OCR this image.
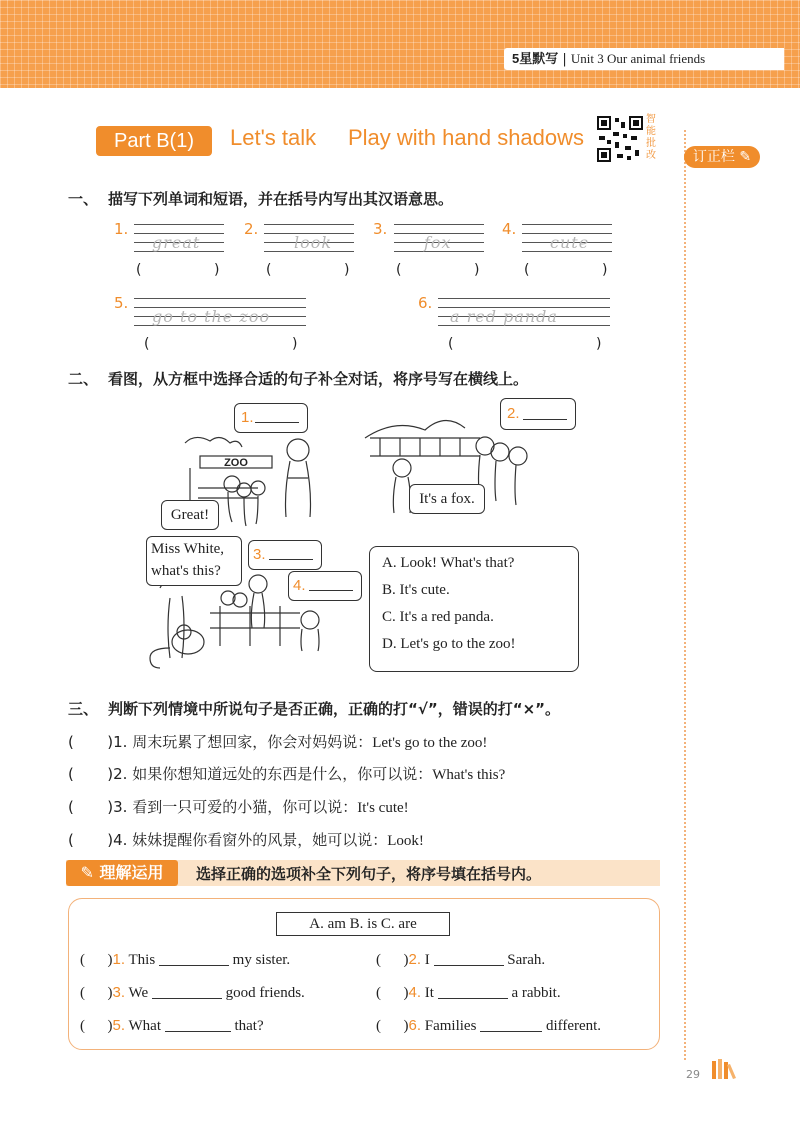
5星默写 | Unit 3 Our animal friends
Part B(1)	Let's talk Play with hand shadows
智能批改	订正栏 ✎
一、 描写下列单词和短语，并在括号内写出其汉语意思。
1.
great
(	)
2.
look
(	)
3.
fox
(	)
4.
cute
(	)
5.
go to the zoo
(	)
6.
a red panda
(	)
二、 看图，从方框中选择合适的句子补全对话，将序号写在横线上。
ZOO
1.	2.
Great!
It's a fox.
Miss White,
what's this?
3.
4.
A. Look! What's that?
B. It's cute.
C. It's a red panda.
D. Let's go to the zoo!
三、 判断下列情境中所说句子是否正确，正确的打“√”，错误的打“×”。
(       )1. 周末玩累了想回家，你会对妈妈说：Let's go to the zoo!
(       )2. 如果你想知道远处的东西是什么，你可以说：What's this?
(       )3. 看到一只可爱的小猫，你可以说：It's cute!
(       )4. 妹妹提醒你看窗外的风景，她可以说：Look!
✎ 理解运用	选择正确的选项补全下列句子，将序号填在括号内。
A. am B. is C. are
(      )1. This	my sister.	(      )2. I	Sarah.
(      )3. We	good friends.	(      )4. It	a rabbit.
(      )5. What	that?	(      )6. Families	different.
29
